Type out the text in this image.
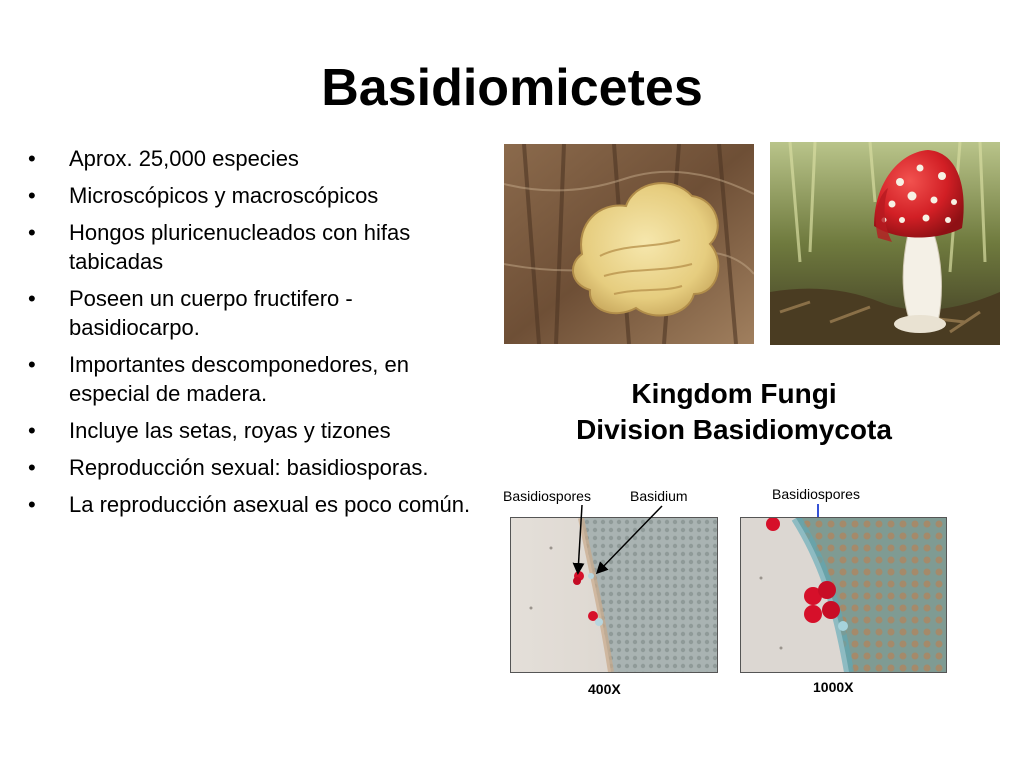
Basidiomicetes
• Aprox. 25,000 especies
• Microscópicos y macroscópicos
• Hongos pluricenucleados con hifas tabicadas
• Poseen un cuerpo fructifero - basidiocarpo.
• Importantes descomponedores, en especial de madera.
• Incluye las setas, royas y tizones
• Reproducción sexual: basidiosporas.
• La reproducción asexual es poco común.
Kingdom Fungi
Division Basidiomycota
Basidiospores	Basidium	Basidiospores
400X	1000X
